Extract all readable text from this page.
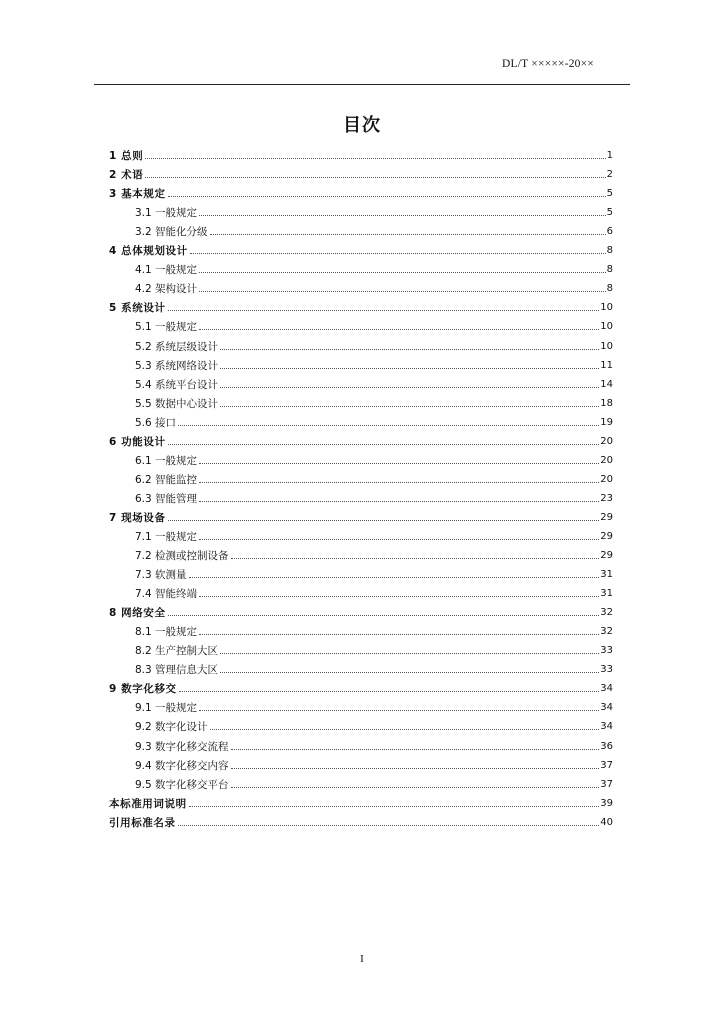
DL/T ×××××-20××
目次
1 总则	1
2 术语	2
3 基本规定	5
3.1 一般规定	5
3.2 智能化分级	6
4 总体规划设计	8
4.1 一般规定	8
4.2 架构设计	8
5 系统设计	10
5.1 一般规定	10
5.2 系统层级设计	10
5.3 系统网络设计	11
5.4 系统平台设计	14
5.5 数据中心设计	18
5.6 接口	19
6 功能设计	20
6.1 一般规定	20
6.2 智能监控	20
6.3 智能管理	23
7 现场设备	29
7.1 一般规定	29
7.2 检测或控制设备	29
7.3 软测量	31
7.4 智能终端	31
8 网络安全	32
8.1 一般规定	32
8.2 生产控制大区	33
8.3 管理信息大区	33
9 数字化移交	34
9.1 一般规定	34
9.2 数字化设计	34
9.3 数字化移交流程	36
9.4 数字化移交内容	37
9.5 数字化移交平台	37
本标准用词说明	39
引用标准名录	40
I
